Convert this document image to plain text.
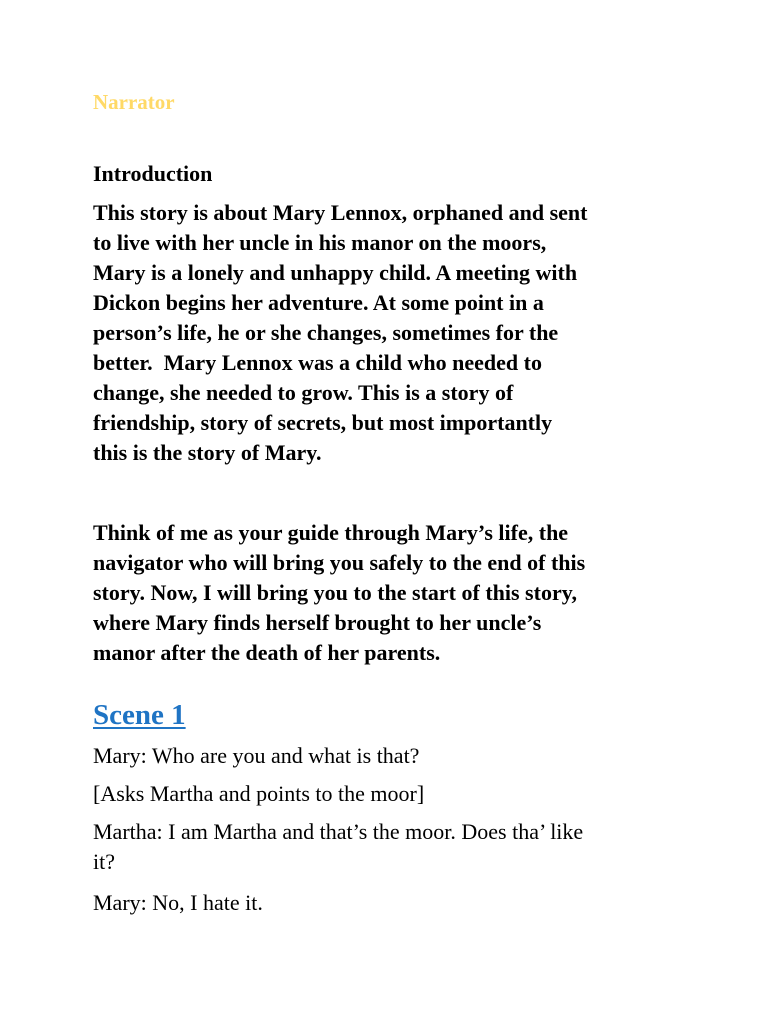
Narrator

Introduction

This story is about Mary Lennox, orphaned and sent
to live with her uncle in his manor on the moors,
Mary is a lonely and unhappy child. A meeting with
Dickon begins her adventure. At some point in a
person’s life, he or she changes, sometimes for the
better.  Mary Lennox was a child who needed to
change, she needed to grow. This is a story of
friendship, story of secrets, but most importantly
this is the story of Mary.

Think of me as your guide through Mary’s life, the
navigator who will bring you safely to the end of this
story. Now, I will bring you to the start of this story,
where Mary finds herself brought to her uncle’s
manor after the death of her parents.

Scene 1

Mary: Who are you and what is that?

[Asks Martha and points to the moor]

Martha: I am Martha and that’s the moor. Does tha’ like
it?

Mary: No, I hate it.
